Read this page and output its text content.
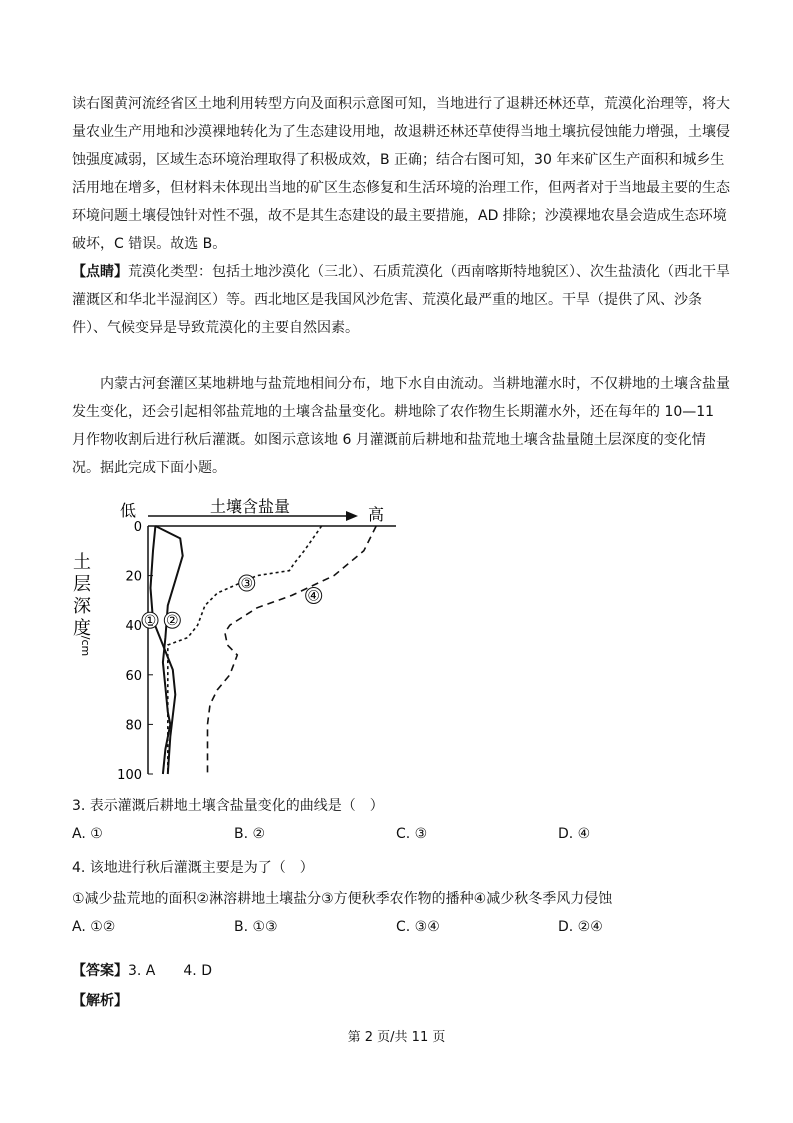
读右图黄河流经省区土地利用转型方向及面积示意图可知，当地进行了退耕还林还草，荒漠化治理等，将大量农业生产用地和沙漠裸地转化为了生态建设用地，故退耕还林还草使得当地土壤抗侵蚀能力增强，土壤侵蚀强度减弱，区域生态环境治理取得了积极成效，B 正确；结合右图可知，30 年来矿区生产面积和城乡生活用地在增多，但材料未体现出当地的矿区生态修复和生活环境的治理工作，但两者对于当地最主要的生态环境问题土壤侵蚀针对性不强，故不是其生态建设的最主要措施，AD 排除；沙漠裸地农垦会造成生态环境破坏，C 错误。故选 B。
【点睛】荒漠化类型：包括土地沙漠化（三北）、石质荒漠化（西南喀斯特地貌区）、次生盐渍化（西北干旱灌溉区和华北半湿润区）等。西北地区是我国风沙危害、荒漠化最严重的地区。干旱（提供了风、沙条件）、气候变异是导致荒漠化的主要自然因素。
内蒙古河套灌区某地耕地与盐荒地相间分布，地下水自由流动。当耕地灌水时，不仅耕地的土壤含盐量发生变化，还会引起相邻盐荒地的土壤含盐量变化。耕地除了农作物生长期灌水外，还在每年的 10—11 月作物收割后进行秋后灌溉。如图示意该地 6 月灌溉前后耕地和盐荒地土壤含盐量随土层深度的变化情况。据此完成下面小题。
低	土壤含盐量	高
① ②
③
④
0
20
40
60
80
100
土
层
深
度
/cm
3. 表示灌溉后耕地土壤含盐量变化的曲线是（　）
A. ①	B. ②	C. ③	D. ④
4. 该地进行秋后灌溉主要是为了（　）
①减少盐荒地的面积②淋溶耕地土壤盐分③方便秋季农作物的播种④减少秋冬季风力侵蚀
A. ①②	B. ①③	C. ③④	D. ②④
【答案】3. A　　4. D
【解析】
第 2 页/共 11 页
